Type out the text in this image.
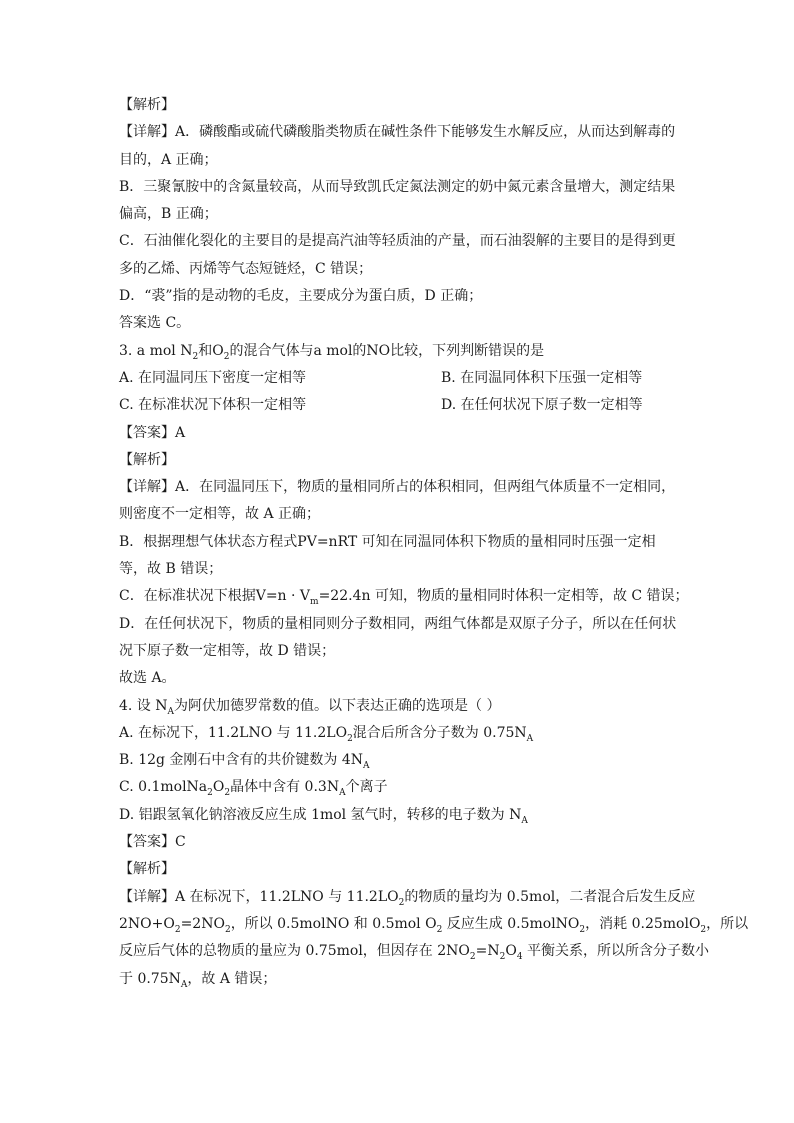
【解析】
【详解】A．磷酸酯或硫代磷酸脂类物质在碱性条件下能够发生水解反应，从而达到解毒的
目的，A 正确；
B．三聚氰胺中的含氮量较高，从而导致凯氏定氮法测定的奶中氮元素含量增大，测定结果
偏高，B 正确；
C．石油催化裂化的主要目的是提高汽油等轻质油的产量，而石油裂解的主要目的是得到更
多的乙烯、丙烯等气态短链烃，C 错误；
D．“裘”指的是动物的毛皮，主要成分为蛋白质，D 正确；
答案选 C。
3. a mol $N_2$和$O_2$的混合气体与a mol的NO比较，下列判断错误的是
A. 在同温同压下密度一定相等	B. 在同温同体积下压强一定相等
C. 在标准状况下体积一定相等	D. 在任何状况下原子数一定相等
【答案】A
【解析】
【详解】A．在同温同压下，物质的量相同所占的体积相同，但两组气体质量不一定相同，
则密度不一定相等，故 A 正确；
B．根据理想气体状态方程式PV=nRT 可知在同温同体积下物质的量相同时压强一定相
等，故 B 错误；
C．在标准状况下根据$V=n \cdot V_m=22.4n$ 可知，物质的量相同时体积一定相等，故 C 错误；
D．在任何状况下，物质的量相同则分子数相同，两组气体都是双原子分子，所以在任何状
况下原子数一定相等，故 D 错误；
故选 A。
4. 设 $N_A$为阿伏加德罗常数的值。以下表达正确的选项是（ ）
A. 在标况下，11.2LNO 与 $11.2LO_2$混合后所含分子数为 $0.75N_A$
B. 12g 金刚石中含有的共价键数为 $4N_A$
C. $0.1molNa_2O_2$晶体中含有 $0.3N_A$个离子
D. 铝跟氢氧化钠溶液反应生成 1mol 氢气时，转移的电子数为 $N_A$
【答案】C
【解析】
【详解】A 在标况下，11.2LNO 与 $11.2LO_2$的物质的量均为 0.5mol，二者混合后发生反应
$2NO+O_2=2NO_2$，所以 0.5molNO 和 0.5mol $O_2$ 反应生成 0.5molNO$_2$，消耗 0.25molO$_2$，所以
反应后气体的总物质的量应为 0.75mol，但因存在 $2NO_2=N_2O_4$ 平衡关系，所以所含分子数小
于 $0.75N_A$，故 A 错误；
